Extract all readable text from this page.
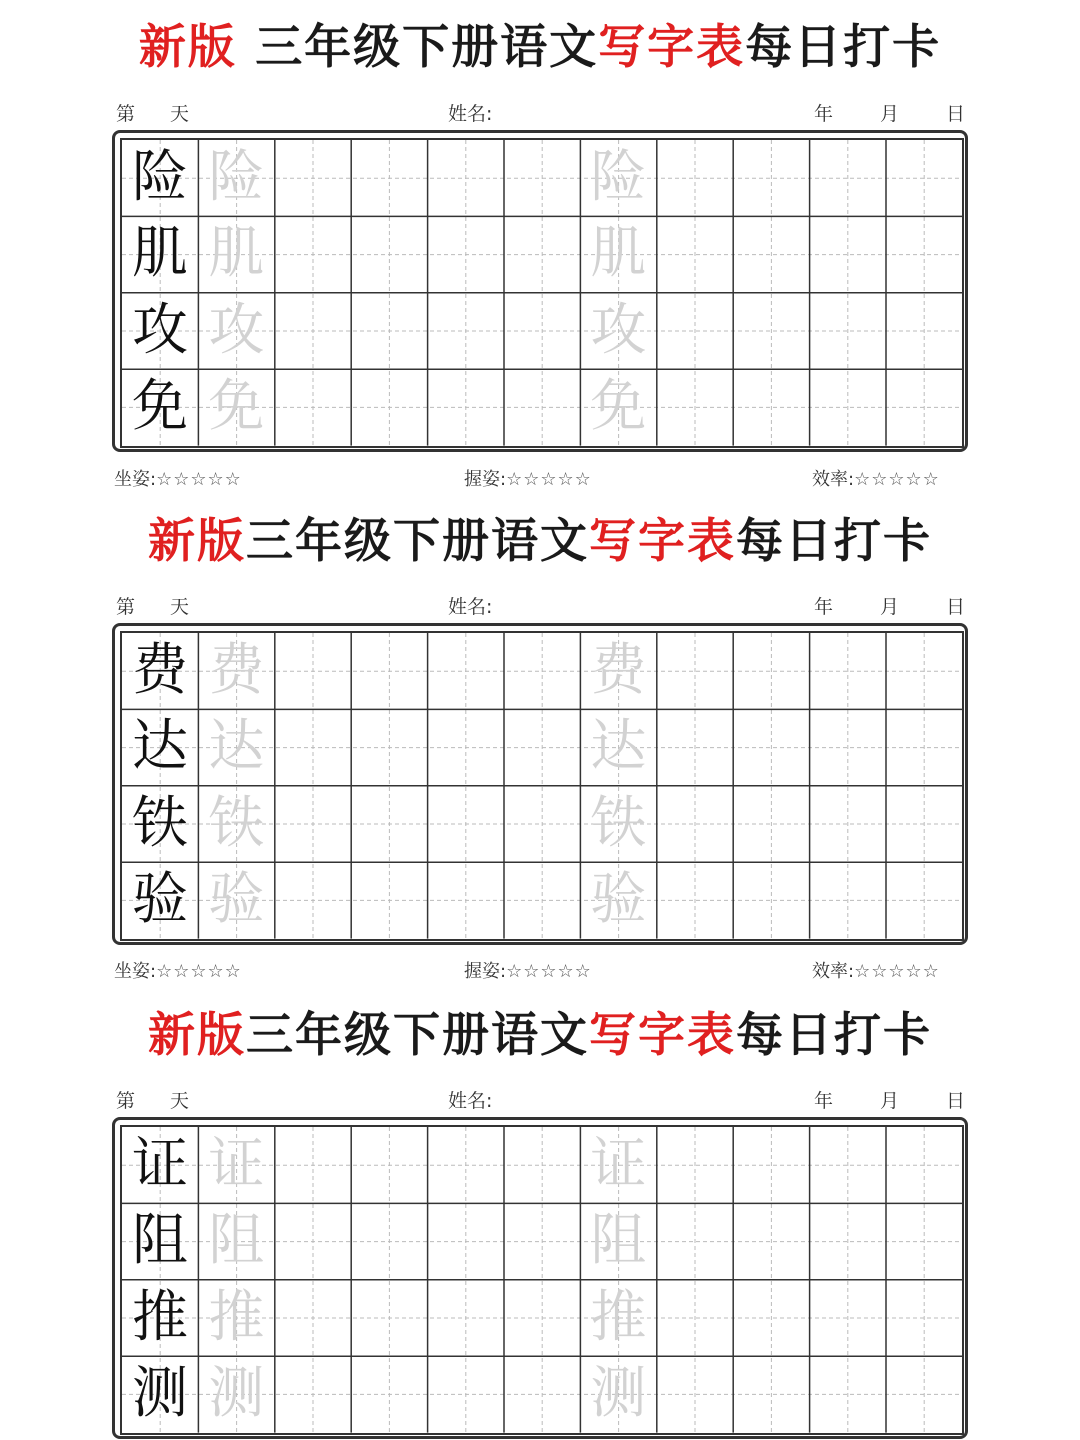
新版 三年级下册语文写字表每日打卡
第 天	姓名:	年 月 日
险 险	险
肌 肌	肌
攻 攻	攻
免 免	免
坐姿:☆☆☆☆☆	握姿:☆☆☆☆☆	效率:☆☆☆☆☆
新版三年级下册语文写字表每日打卡
第 天	姓名:	年 月 日
费 费	费
达 达	达
铁 铁	铁
验 验	验
坐姿:☆☆☆☆☆	握姿:☆☆☆☆☆	效率:☆☆☆☆☆
新版三年级下册语文写字表每日打卡
第 天	姓名:	年 月 日
证 证	证
阻 阻	阻
推 推	推
测 测	测
